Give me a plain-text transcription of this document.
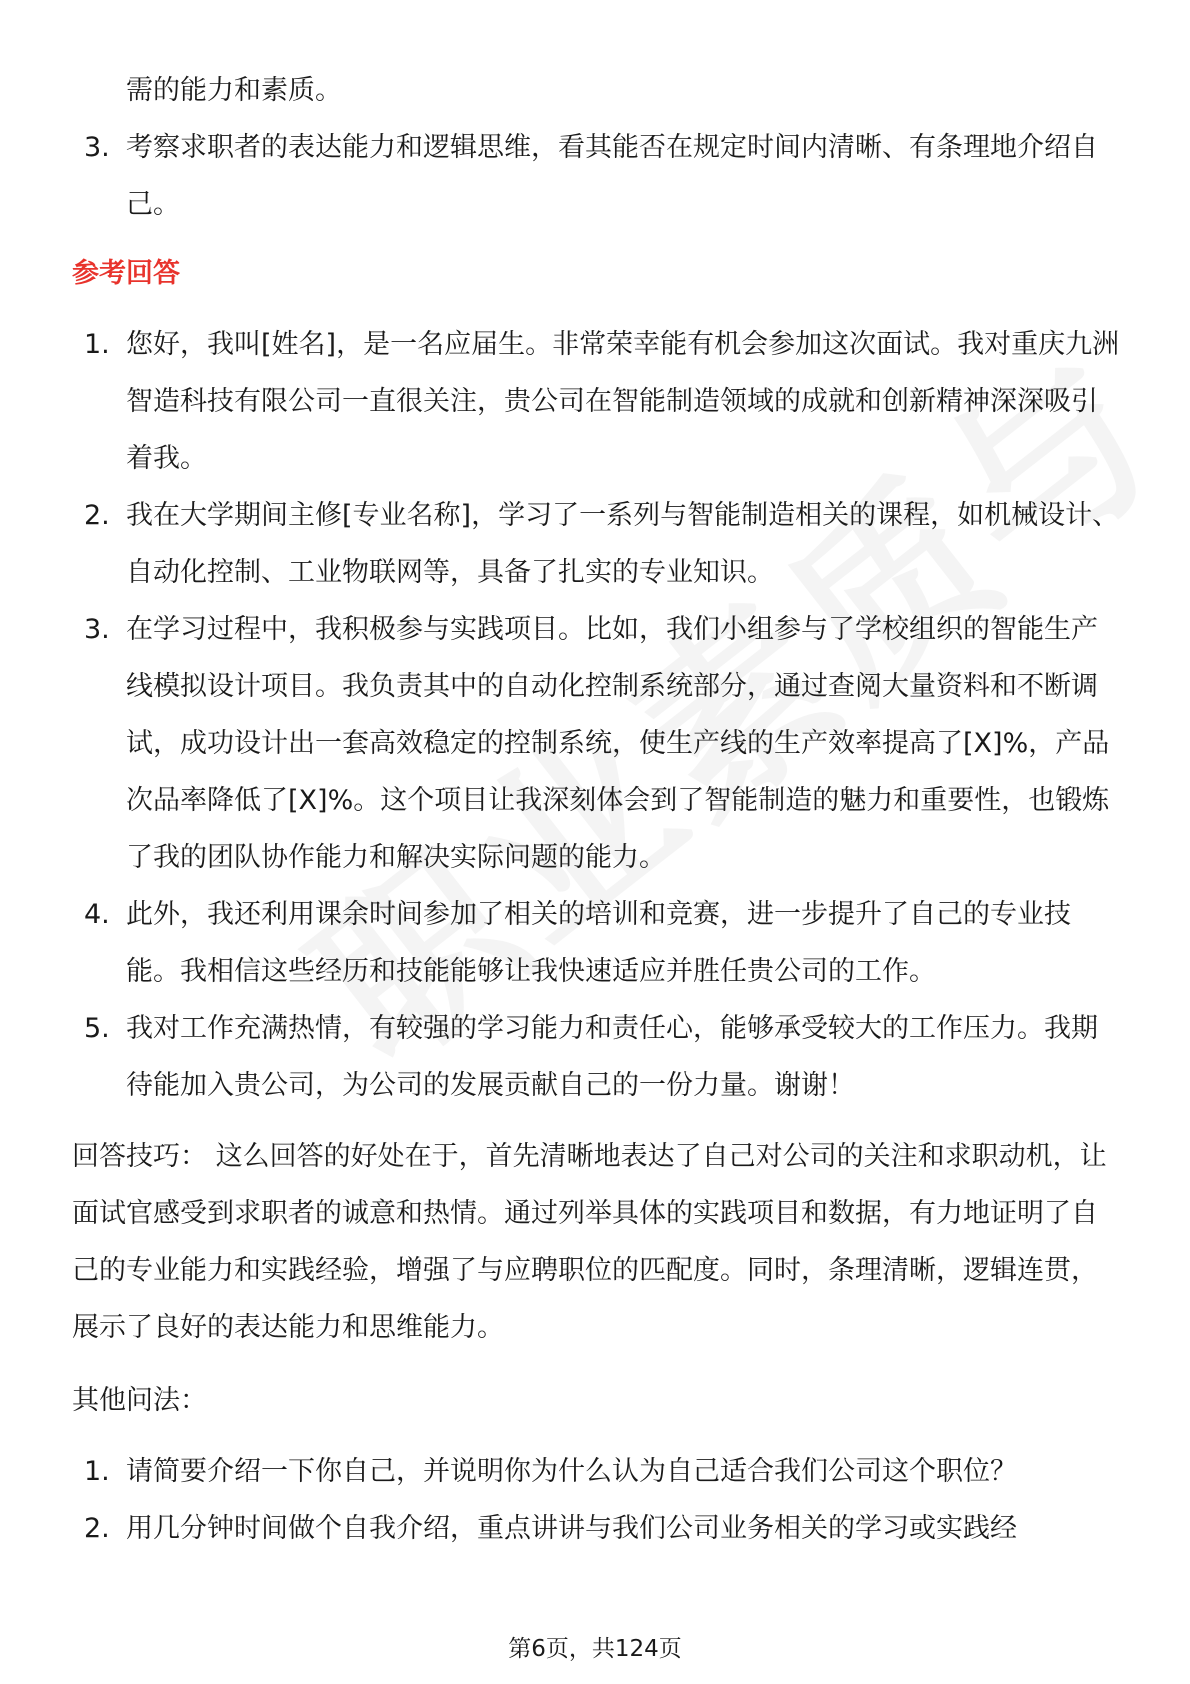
需的能力和素质。
3. 考察求职者的表达能力和逻辑思维，看其能否在规定时间内清晰、有条理地介绍自己。
参考回答
1. 您好，我叫[姓名]，是一名应届生。非常荣幸能有机会参加这次面试。我对重庆九洲智造科技有限公司一直很关注，贵公司在智能制造领域的成就和创新精神深深吸引着我。
2. 我在大学期间主修[专业名称]，学习了一系列与智能制造相关的课程，如机械设计、自动化控制、工业物联网等，具备了扎实的专业知识。
3. 在学习过程中，我积极参与实践项目。比如，我们小组参与了学校组织的智能生产线模拟设计项目。我负责其中的自动化控制系统部分，通过查阅大量资料和不断调试，成功设计出一套高效稳定的控制系统，使生产线的生产效率提高了[X]%，产品次品率降低了[X]%。这个项目让我深刻体会到了智能制造的魅力和重要性，也锻炼了我的团队协作能力和解决实际问题的能力。
4. 此外，我还利用课余时间参加了相关的培训和竞赛，进一步提升了自己的专业技能。我相信这些经历和技能能够让我快速适应并胜任贵公司的工作。
5. 我对工作充满热情，有较强的学习能力和责任心，能够承受较大的工作压力。我期待能加入贵公司，为公司的发展贡献自己的一份力量。谢谢！
回答技巧： 这么回答的好处在于，首先清晰地表达了自己对公司的关注和求职动机，让面试官感受到求职者的诚意和热情。通过列举具体的实践项目和数据，有力地证明了自己的专业能力和实践经验，增强了与应聘职位的匹配度。同时，条理清晰，逻辑连贯，展示了良好的表达能力和思维能力。
其他问法：
1. 请简要介绍一下你自己，并说明你为什么认为自己适合我们公司这个职位？
2. 用几分钟时间做个自我介绍，重点讲讲与我们公司业务相关的学习或实践经
第6页，共124页
